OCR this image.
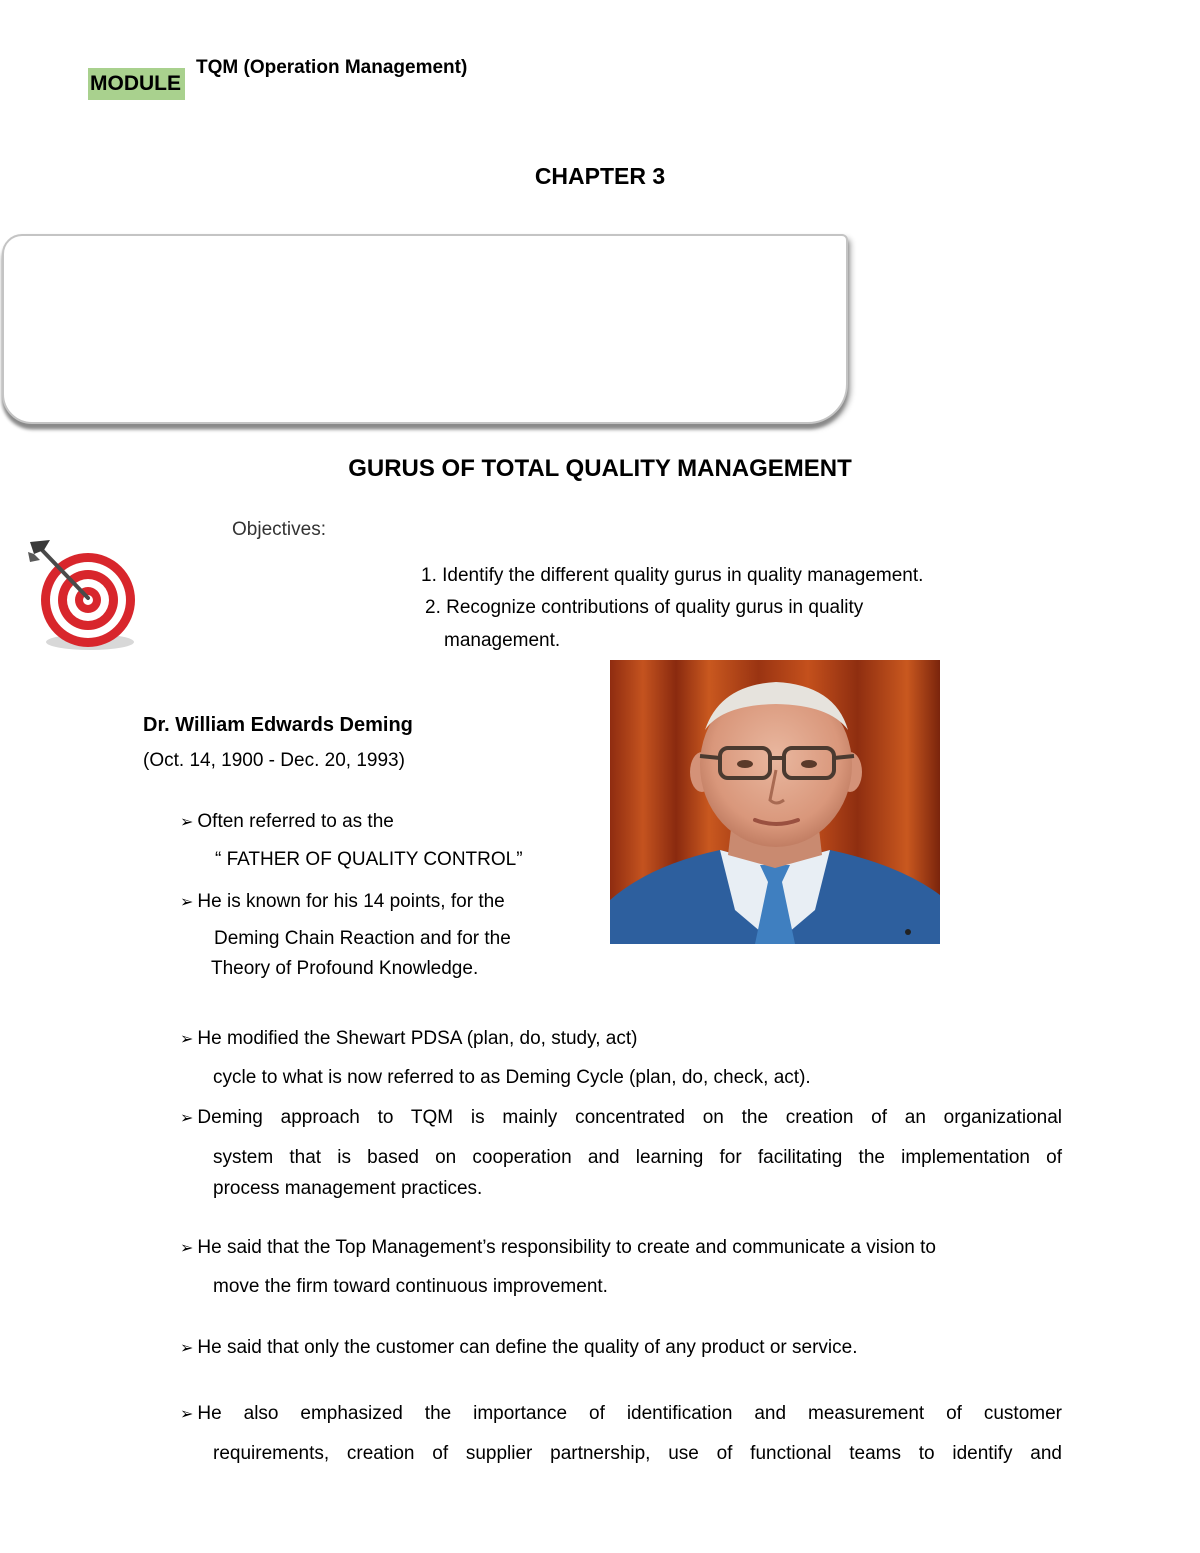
MODULE
TQM (Operation Management)
CHAPTER 3
GURUS OF TOTAL QUALITY MANAGEMENT
Objectives:
1. Identify the different quality gurus in quality management.
2. Recognize contributions of quality gurus in quality
management.
Dr. William Edwards Deming
(Oct. 14, 1900 - Dec. 20, 1993)
➢ Often referred to as the
“ FATHER OF QUALITY CONTROL”
➢ He is known for his 14 points, for the
Deming Chain Reaction and for the
Theory of Profound Knowledge.
➢ He modified the Shewart PDSA (plan, do, study, act)
cycle to what is now referred to as Deming Cycle (plan, do, check, act).
➢ Deming approach to TQM is mainly concentrated on the creation of an organizational
system that is based on cooperation and learning for facilitating the implementation of
process management practices.
➢ He said that the Top Management’s responsibility to create and communicate a vision to
move the firm toward continuous improvement.
➢ He said that only the customer can define the quality of any product or service.
➢ He also emphasized the importance of identification and measurement of customer
requirements, creation of supplier partnership, use of functional teams to identify and
